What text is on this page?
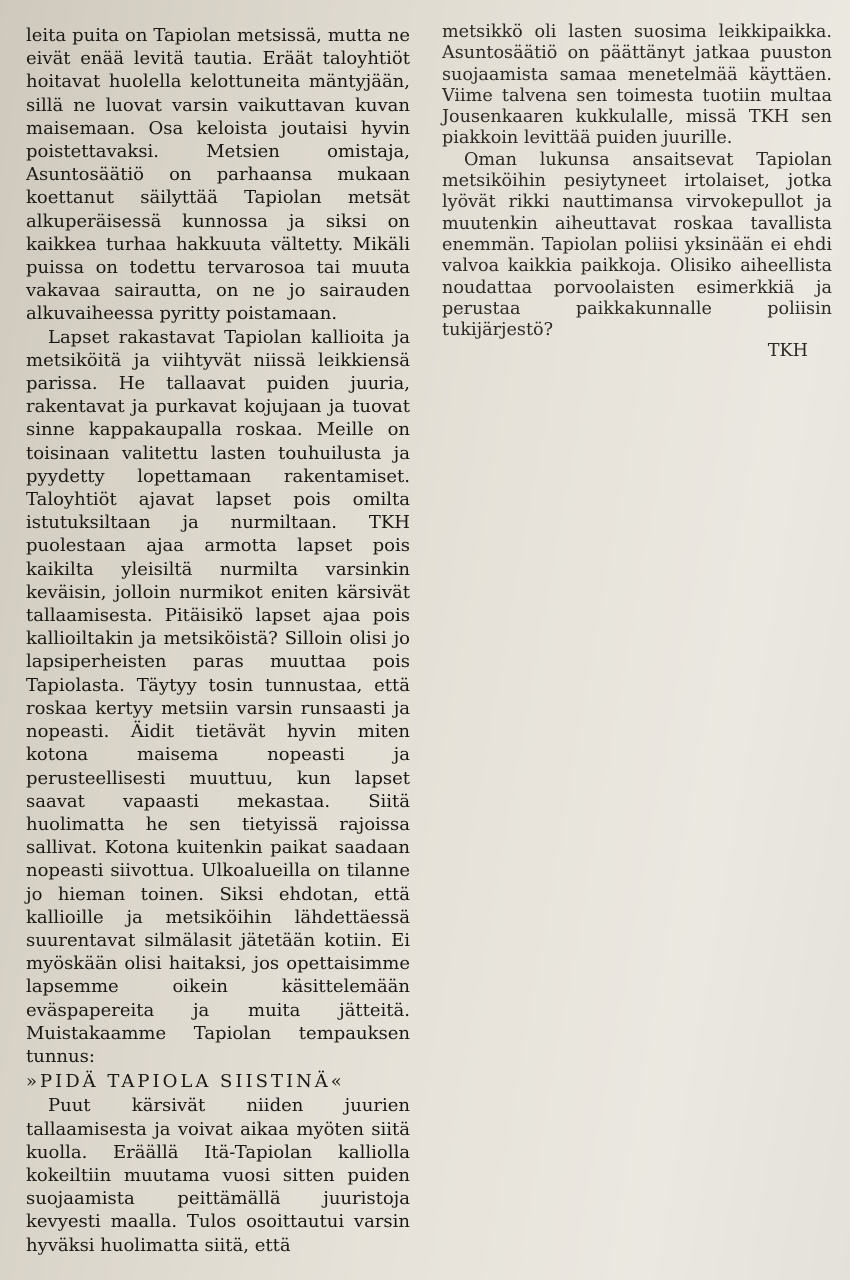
leita puita on Tapiolan metsissä, mutta ne eivät enää levitä tautia. Eräät taloyhtiöt hoitavat huolella kelottuneita mäntyjään, sillä ne luovat varsin vaikuttavan kuvan maisemaan. Osa keloista joutaisi hyvin poistettavaksi. Metsien omistaja, Asuntosäätiö on parhaansa mukaan koettanut säilyttää Tapiolan metsät alkuperäisessä kunnossa ja siksi on kaikkea turhaa hakkuuta vältetty. Mikäli puissa on todettu tervarosoa tai muuta vakavaa sairautta, on ne jo sairauden alkuvaiheessa pyritty poistamaan.

Lapset rakastavat Tapiolan kallioita ja metsiköitä ja viihtyvät niissä leikkiensä parissa. He tallaavat puiden juuria, rakentavat ja purkavat kojujaan ja tuovat sinne kappakaupalla roskaa. Meille on toisinaan valitettu lasten touhuilusta ja pyydetty lopettamaan rakentamiset. Taloyhtiöt ajavat lapset pois omilta istutuksiltaan ja nurmiltaan. TKH puolestaan ajaa armotta lapset pois kaikilta yleisiltä nurmilta varsinkin keväisin, jolloin nurmikot eniten kärsivät tallaamisesta. Pitäisikö lapset ajaa pois kallioiltakin ja metsiköistä? Silloin olisi jo lapsiperheisten paras muuttaa pois Tapiolasta. Täytyy tosin tunnustaa, että roskaa kertyy metsiin varsin runsaasti ja nopeasti. Äidit tietävät hyvin miten kotona maisema nopeasti ja perusteellisesti muuttuu, kun lapset saavat vapaasti mekastaa. Siitä huolimatta he sen tietyissä rajoissa sallivat. Kotona kuitenkin paikat saadaan nopeasti siivottua. Ulkoalueilla on tilanne jo hieman toinen. Siksi ehdotan, että kallioille ja metsiköihin lähdettäessä suurentavat silmälasit jätetään kotiin. Ei myöskään olisi haitaksi, jos opettaisimme lapsemme oikein käsittelemään eväspapereita ja muita jätteitä. Muistakaamme Tapiolan tempauksen tunnus:

»PIDÄ TAPIOLA SIISTINÄ«

Puut kärsivät niiden juurien tallaamisesta ja voivat aikaa myöten siitä kuolla. Eräällä Itä-Tapiolan kalliolla kokeiltiin muutama vuosi sitten puiden suojaamista peittämällä juuristoja kevyesti maalla. Tulos osoittautui varsin hyväksi huolimatta siitä, että

metsikkö oli lasten suosima leikkipaikka. Asuntosäätiö on päättänyt jatkaa puuston suojaamista samaa menetelmää käyttäen. Viime talvena sen toimesta tuotiin multaa Jousenkaaren kukkulalle, missä TKH sen piakkoin levittää puiden juurille.

Oman lukunsa ansaitsevat Tapiolan metsiköihin pesiytyneet irtolaiset, jotka lyövät rikki nauttimansa virvokepullot ja muutenkin aiheuttavat roskaa tavallista enemmän. Tapiolan poliisi yksinään ei ehdi valvoa kaikkia paikkoja. Olisiko aiheellista noudattaa porvoolaisten esimerkkiä ja perustaa paikkakunnalle poliisin tukijärjestö?

TKH
